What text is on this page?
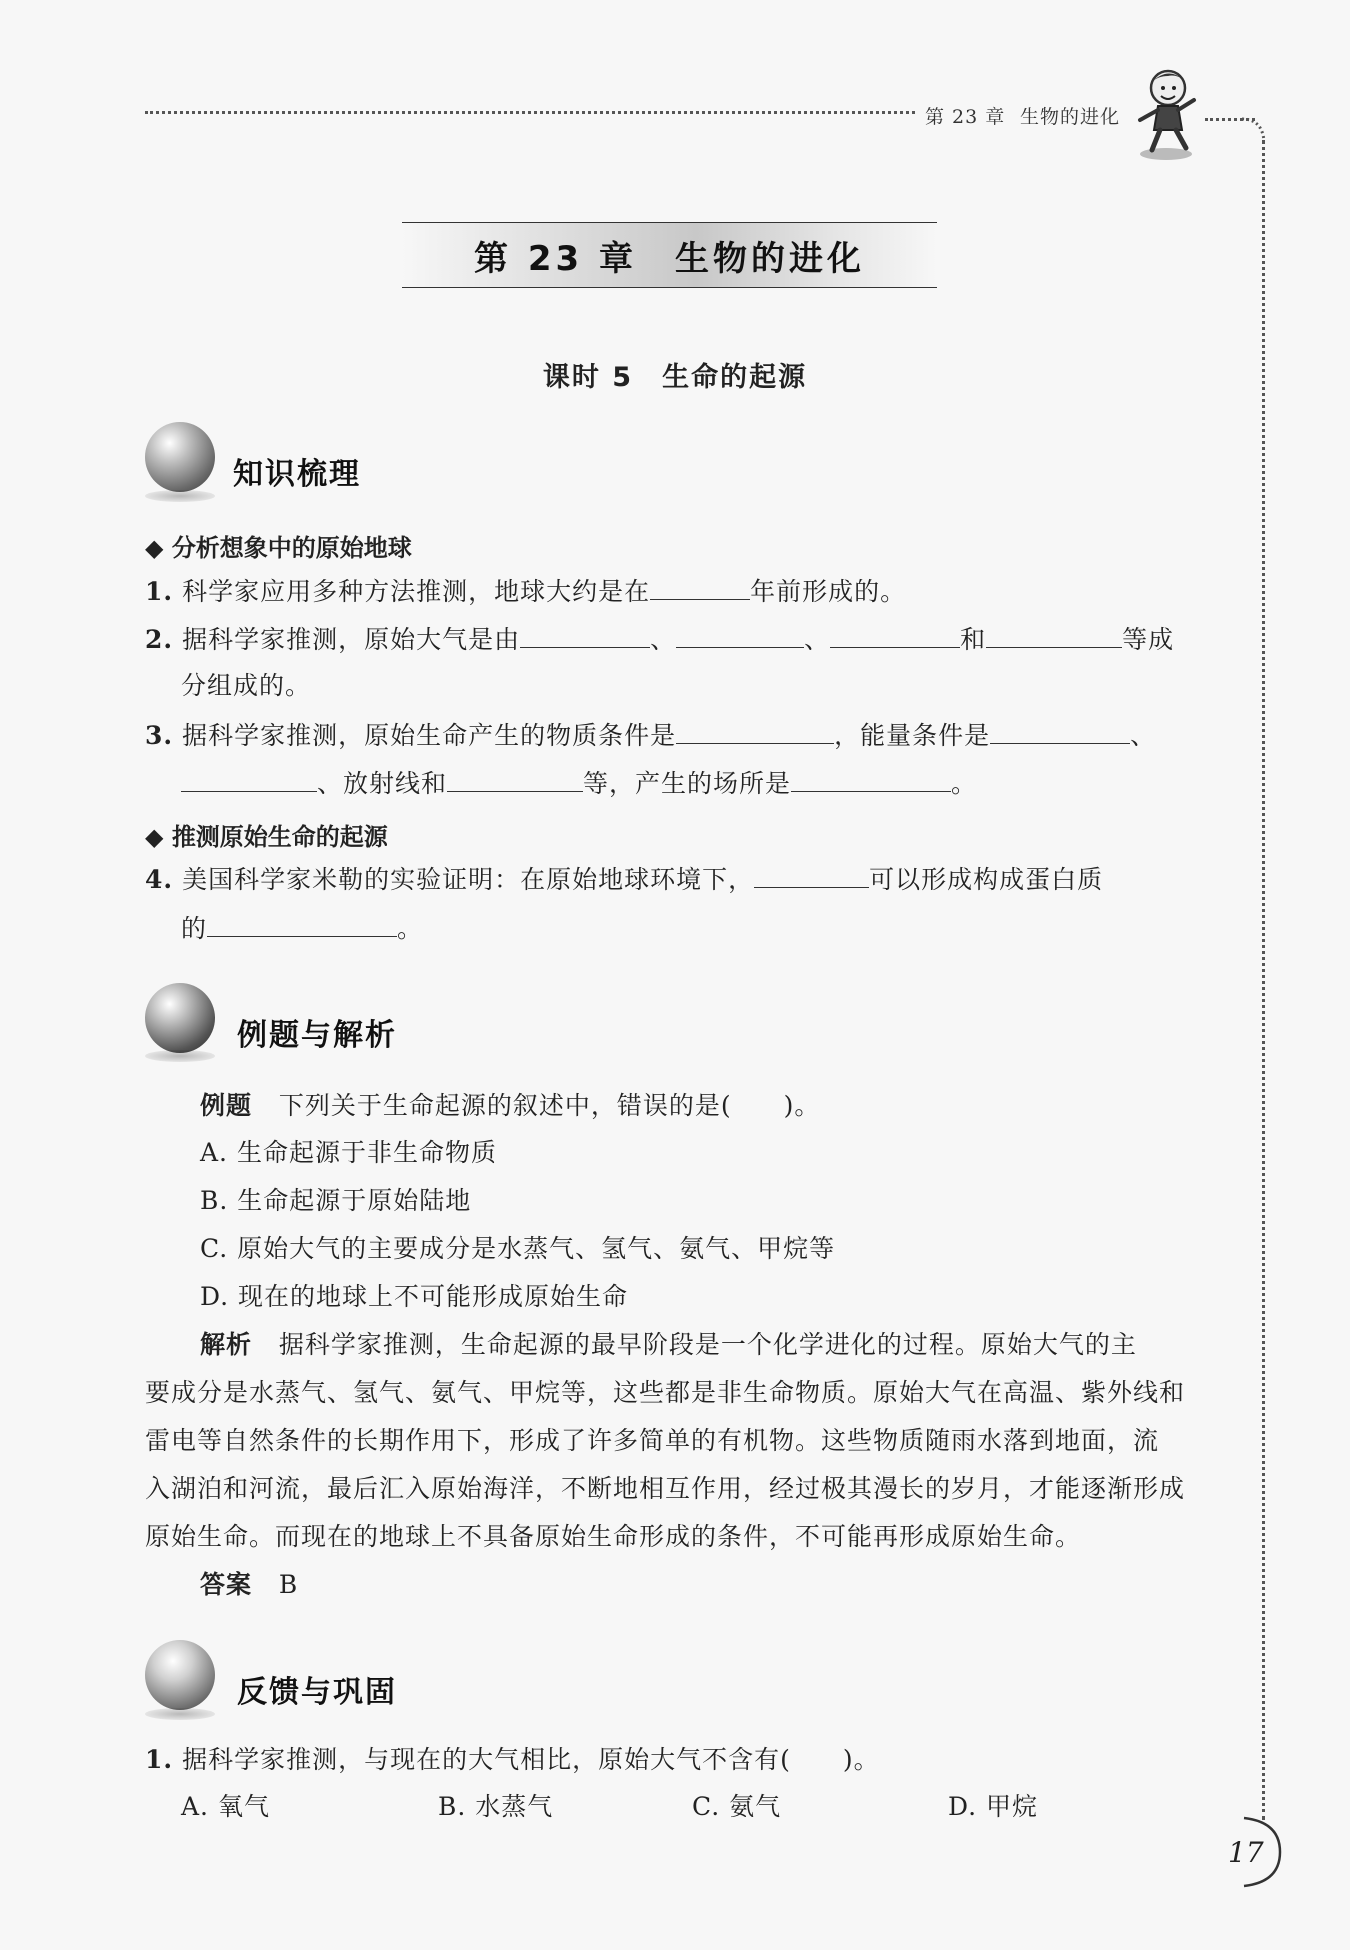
第 23 章 生物的进化
第 23 章　生物的进化
课时 5　生命的起源
知识梳理
◆ 分析想象中的原始地球
1. 科学家应用多种方法推测，地球大约是在	年前形成的。
2. 据科学家推测，原始大气是由	、	、	和	等成
分组成的。
3. 据科学家推测，原始生命产生的物质条件是	，能量条件是	、
、放射线和	等，产生的场所是	。
◆ 推测原始生命的起源
4. 美国科学家米勒的实验证明：在原始地球环境下，	可以形成构成蛋白质
的	。
例题与解析
例题 下列关于生命起源的叙述中，错误的是(　　)。
A. 生命起源于非生命物质
B. 生命起源于原始陆地
C. 原始大气的主要成分是水蒸气、氢气、氨气、甲烷等
D. 现在的地球上不可能形成原始生命
解析 据科学家推测，生命起源的最早阶段是一个化学进化的过程。原始大气的主
要成分是水蒸气、氢气、氨气、甲烷等，这些都是非生命物质。原始大气在高温、紫外线和
雷电等自然条件的长期作用下，形成了许多简单的有机物。这些物质随雨水落到地面，流
入湖泊和河流，最后汇入原始海洋，不断地相互作用，经过极其漫长的岁月，才能逐渐形成
原始生命。而现在的地球上不具备原始生命形成的条件，不可能再形成原始生命。
答案 B
反馈与巩固
1. 据科学家推测，与现在的大气相比，原始大气不含有(　　)。
A. 氧气	B. 水蒸气	C. 氨气	D. 甲烷
17
